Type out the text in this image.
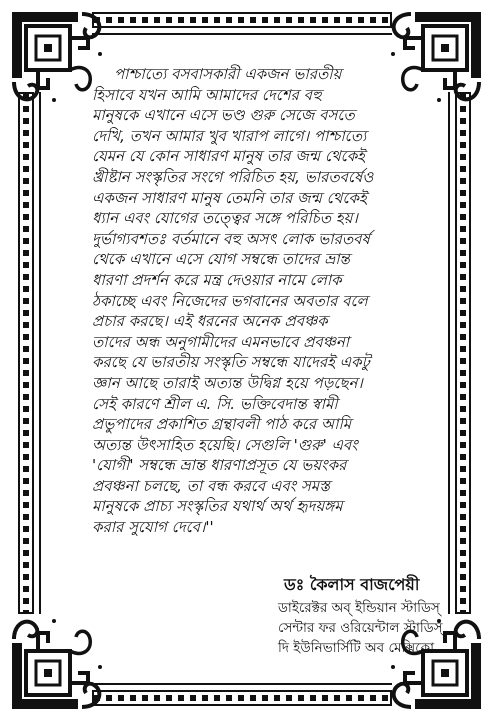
পাশ্চাত্যে বসবাসকারী একজন ভারতীয়
হিসাবে যখন আমি আমাদের দেশের বহু
মানুষকে এখানে এসে ভণ্ড গুরু সেজে বসতে
দেখি, তখন আমার খুব খারাপ লাগে। পাশ্চাত্যে
যেমন যে কোন সাধারণ মানুষ তার জন্ম থেকেই
খ্রীষ্টান সংস্কৃতির সংগে পরিচিত হয়, ভারতবর্ষেও
একজন সাধারণ মানুষ তেমনি তার জন্ম থেকেই
ধ্যান এবং যোগের তত্ত্বের সঙ্গে পরিচিত হয়।
দুর্ভাগ্যবশতঃ বর্তমানে বহু অসৎ লোক ভারতবর্ষ
থেকে এখানে এসে যোগ সম্বন্ধে তাদের ভ্রান্ত
ধারণা প্রদর্শন করে মন্ত্র দেওয়ার নামে লোক
ঠকাচ্ছে এবং নিজেদের ভগবানের অবতার বলে
প্রচার করছে। এই ধরনের অনেক প্রবঞ্চক
তাদের অন্ধ অনুগামীদের এমনভাবে প্রবঞ্চনা
করছে যে ভারতীয় সংস্কৃতি সম্বন্ধে যাদেরই একটু
জ্ঞান আছে তারাই অত্যন্ত উদ্বিগ্ন হয়ে পড়ছেন।
সেই কারণে শ্রীল এ. সি. ভক্তিবেদান্ত স্বামী
প্রভুপাদের প্রকাশিত গ্রন্থাবলী পাঠ করে আমি
অত্যন্ত উৎসাহিত হয়েছি। সেগুলি 'গুরু' এবং
'যোগী' সম্বন্ধে ভ্রান্ত ধারণাপ্রসূত যে ভয়ংকর
প্রবঞ্চনা চলছে, তা বন্ধ করবে এবং সমস্ত
মানুষকে প্রাচ্য সংস্কৃতির যথার্থ অর্থ হৃদয়ঙ্গম
করার সুযোগ দেবে।''
ডঃ কৈলাস বাজপেয়ী
ডাইরেক্টর অব্ ইন্ডিয়ান স্টাডিস্
সেন্টার ফর ওরিয়েন্টাল স্টাডিস্
দি ইউনিভার্সিটি অব মেক্সিকো
